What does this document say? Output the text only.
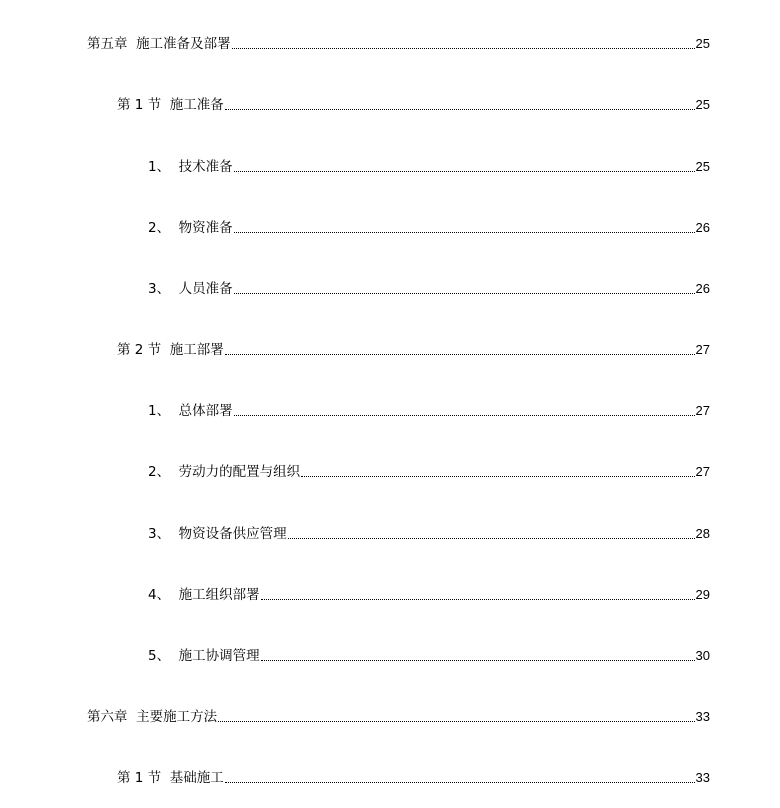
第五章  施工准备及部署	25
第 1 节  施工准备	25
1、  技术准备	25
2、  物资准备	26
3、  人员准备	26
第 2 节  施工部署	27
1、  总体部署	27
2、  劳动力的配置与组织	27
3、  物资设备供应管理	28
4、  施工组织部署	29
5、  施工协调管理	30
第六章  主要施工方法	33
第 1 节  基础施工	33
